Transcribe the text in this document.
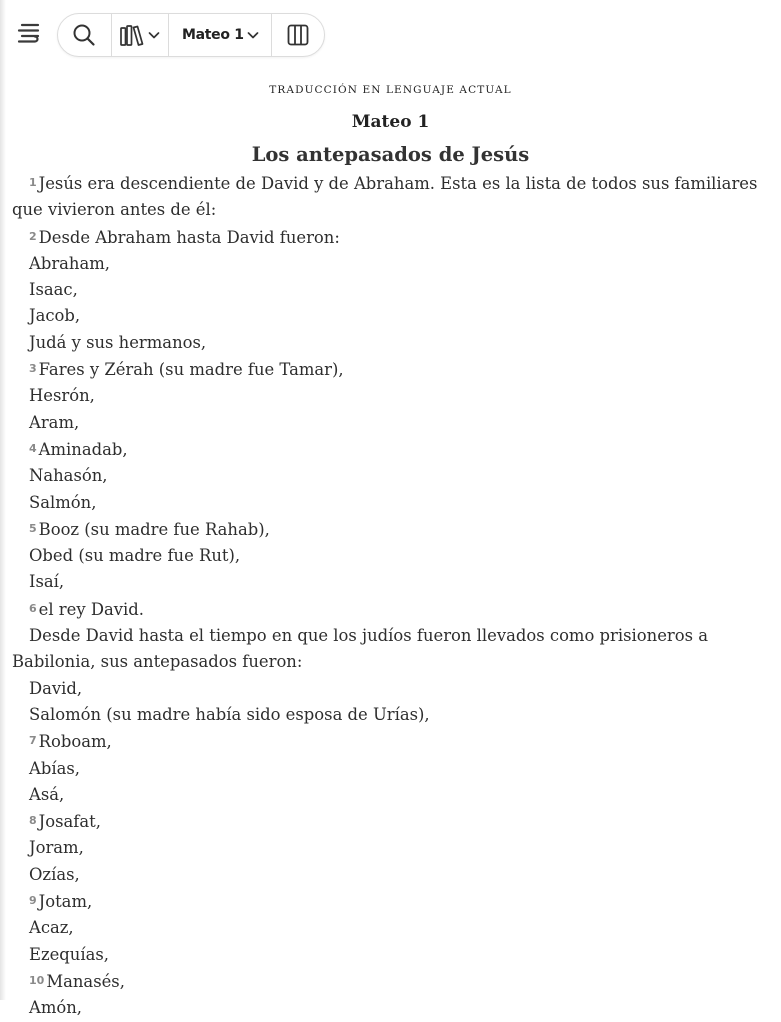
Mateo 1
TRADUCCIÓN EN LENGUAJE ACTUAL
Mateo 1
Los antepasados de Jesús

1 Jesús era descendiente de David y de Abraham. Esta es la lista de todos sus familiares que vivieron antes de él:

2 Desde Abraham hasta David fueron:

Abraham,

Isaac,

Jacob,

Judá y sus hermanos,

3 Fares y Zérah (su madre fue Tamar),

Hesrón,

Aram,

4 Aminadab,

Nahasón,

Salmón,

5 Booz (su madre fue Rahab),

Obed (su madre fue Rut),

Isaí,

6 el rey David.

Desde David hasta el tiempo en que los judíos fueron llevados como prisioneros a Babilonia, sus antepasados fueron:

David,

Salomón (su madre había sido esposa de Urías),

7 Roboam,

Abías,

Asá,

8 Josafat,

Joram,

Ozías,

9 Jotam,

Acaz,

Ezequías,

10 Manasés,

Amón,
